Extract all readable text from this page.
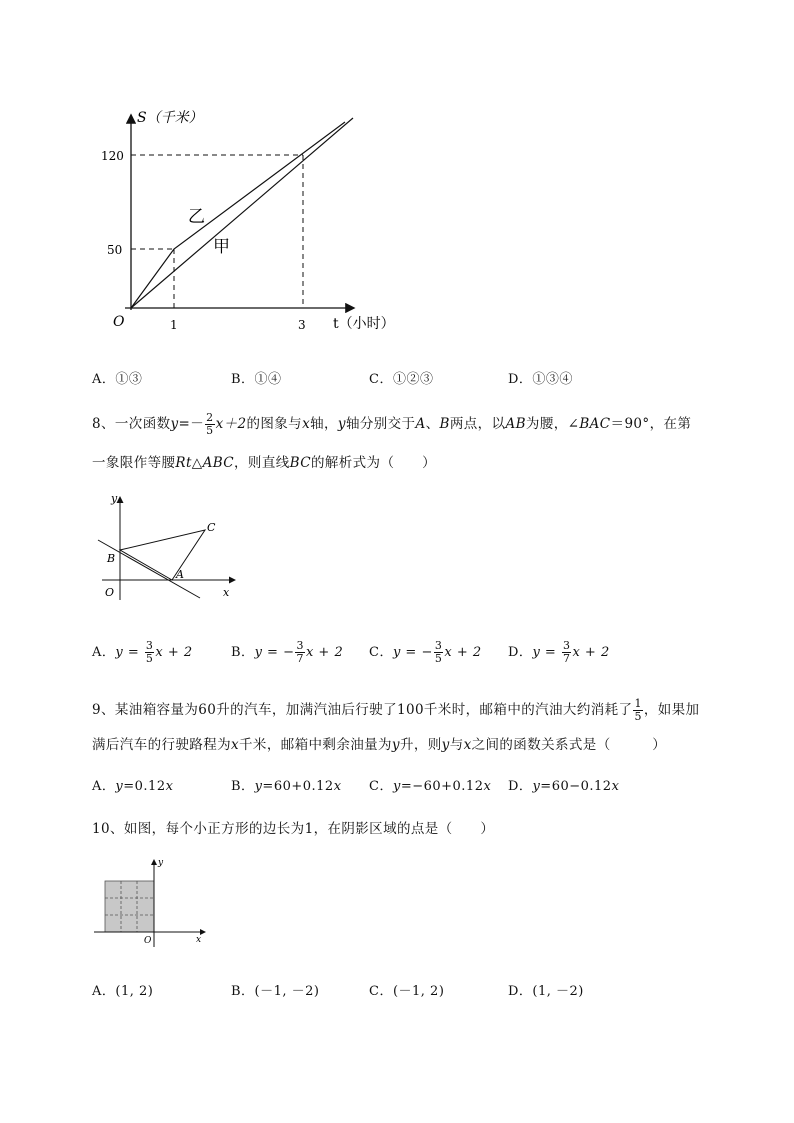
S（千米）
120
50
O	1	3 t（小时）
乙
甲
A．①③	B．①④	C．①②③	D．①③④
8、一次函数$y=- \frac{2}{5} x+2$的图象与x轴，y轴分别交于A、B两点，以AB为腰，∠BAC＝90°，在第
一象限作等腰Rt△ABC，则直线BC的解析式为（　　）
y
x
O
A
B
C
A．$y = \frac{3}{5}$ x + 2	B．y = − $\frac{3}{7}$ x + 2 C．y = − $\frac{3}{5}$ x + 2 D．$y = \frac{3}{7}$ x + 2
9、某油箱容量为60升的汽车，加满汽油后行驶了100千米时，邮箱中的汽油大约消耗了 $\frac{1}{5}$ ，如果加
满后汽车的行驶路程为x千米，邮箱中剩余油量为y升，则y与x之间的函数关系式是（　　　）
A．y=0.12x	B．y=60+0.12x C．y=−60+0.12x D．y=60−0.12x
10、如图，每个小正方形的边长为1，在阴影区域的点是（　　）
y
x
O
A．(1, 2)	B．(－1, －2)	C．(－1, 2)	D．(1, －2)
